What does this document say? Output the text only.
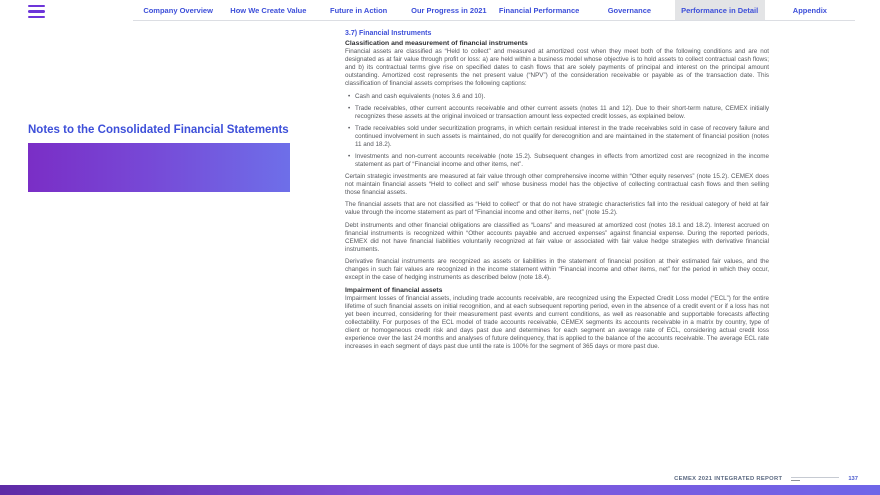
Company Overview	How We Create Value	Future in Action	Our Progress in 2021	Financial Performance	Governance	Performance in Detail	Appendix
Notes to the Consolidated Financial Statements
3.7) Financial Instruments
Classification and measurement of financial instruments

Financial assets are classified as “Held to collect” and measured at amortized cost when they meet both of the following conditions and are not designated as at fair value through profit or loss: a) are held within a business model whose objective is to hold assets to collect contractual cash flows; and b) its contractual terms give rise on specified dates to cash flows that are solely payments of principal and interest on the principal amount outstanding. Amortized cost represents the net present value (“NPV”) of the consideration receivable or payable as of the transaction date. This classification of financial assets comprises the following captions:

• Cash and cash equivalents (notes 3.6 and 10).
• Trade receivables, other current accounts receivable and other current assets (notes 11 and 12). Due to their short-term nature, CEMEX initially recognizes these assets at the original invoiced or transaction amount less expected credit losses, as explained below.
• Trade receivables sold under securitization programs, in which certain residual interest in the trade receivables sold in case of recovery failure and continued involvement in such assets is maintained, do not qualify for derecognition and are maintained in the statement of financial position (notes 11 and 18.2).
• Investments and non-current accounts receivable (note 15.2). Subsequent changes in effects from amortized cost are recognized in the income statement as part of “Financial income and other items, net”.

Certain strategic investments are measured at fair value through other comprehensive income within “Other equity reserves” (note 15.2). CEMEX does not maintain financial assets “Held to collect and sell” whose business model has the objective of collecting contractual cash flows and then selling those financial assets.

The financial assets that are not classified as “Held to collect” or that do not have strategic characteristics fall into the residual category of held at fair value through the income statement as part of “Financial income and other items, net” (note 15.2).

Debt instruments and other financial obligations are classified as “Loans” and measured at amortized cost (notes 18.1 and 18.2). Interest accrued on financial instruments is recognized within “Other accounts payable and accrued expenses” against financial expense. During the reported periods, CEMEX did not have financial liabilities voluntarily recognized at fair value or associated with fair value hedge strategies with derivative financial instruments.

Derivative financial instruments are recognized as assets or liabilities in the statement of financial position at their estimated fair values, and the changes in such fair values are recognized in the income statement within “Financial income and other items, net” for the period in which they occur, except in the case of hedging instruments as described below (note 18.4).

Impairment of financial assets

Impairment losses of financial assets, including trade accounts receivable, are recognized using the Expected Credit Loss model (“ECL”) for the entire lifetime of such financial assets on initial recognition, and at each subsequent reporting period, even in the absence of a credit event or if a loss has not yet been incurred, considering for their measurement past events and current conditions, as well as reasonable and supportable forecasts affecting collectability. For purposes of the ECL model of trade accounts receivable, CEMEX segments its accounts receivable in a matrix by country, type of client or homogeneous credit risk and days past due and determines for each segment an average rate of ECL, considering actual credit loss experience over the last 24 months and analyses of future delinquency, that is applied to the balance of the accounts receivable. The average ECL rate increases in each segment of days past due until the rate is 100% for the segment of 365 days or more past due.

CEMEX 2021 INTEGRATED REPORT	137
